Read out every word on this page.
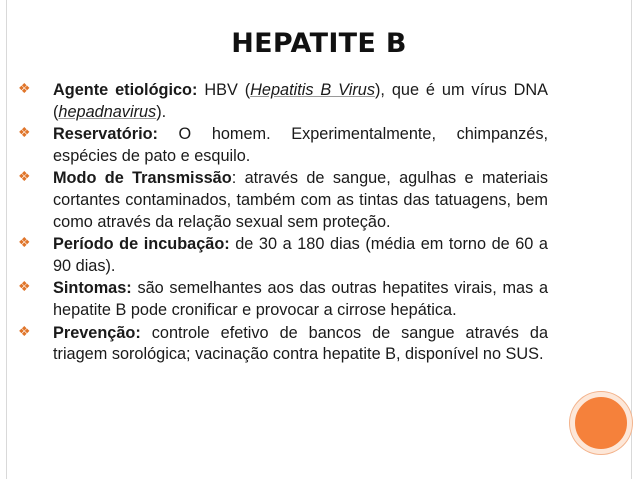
HEPATITE B
❖ Agente etiológico: HBV (Hepatitis B Virus), que é um vírus DNA (hepadnavirus).
❖ Reservatório: O homem. Experimentalmente, chimpanzés, espécies de pato e esquilo.
❖ Modo de Transmissão: através de sangue, agulhas e materiais cortantes contaminados, também com as tintas das tatuagens, bem como através da relação sexual sem proteção.
❖ Período de incubação: de 30 a 180 dias (média em torno de 60 a 90 dias).
❖ Sintomas: são semelhantes aos das outras hepatites virais, mas a hepatite B pode cronificar e provocar a cirrose hepática.
❖ Prevenção: controle efetivo de bancos de sangue através da triagem sorológica; vacinação contra hepatite B, disponível no SUS.
